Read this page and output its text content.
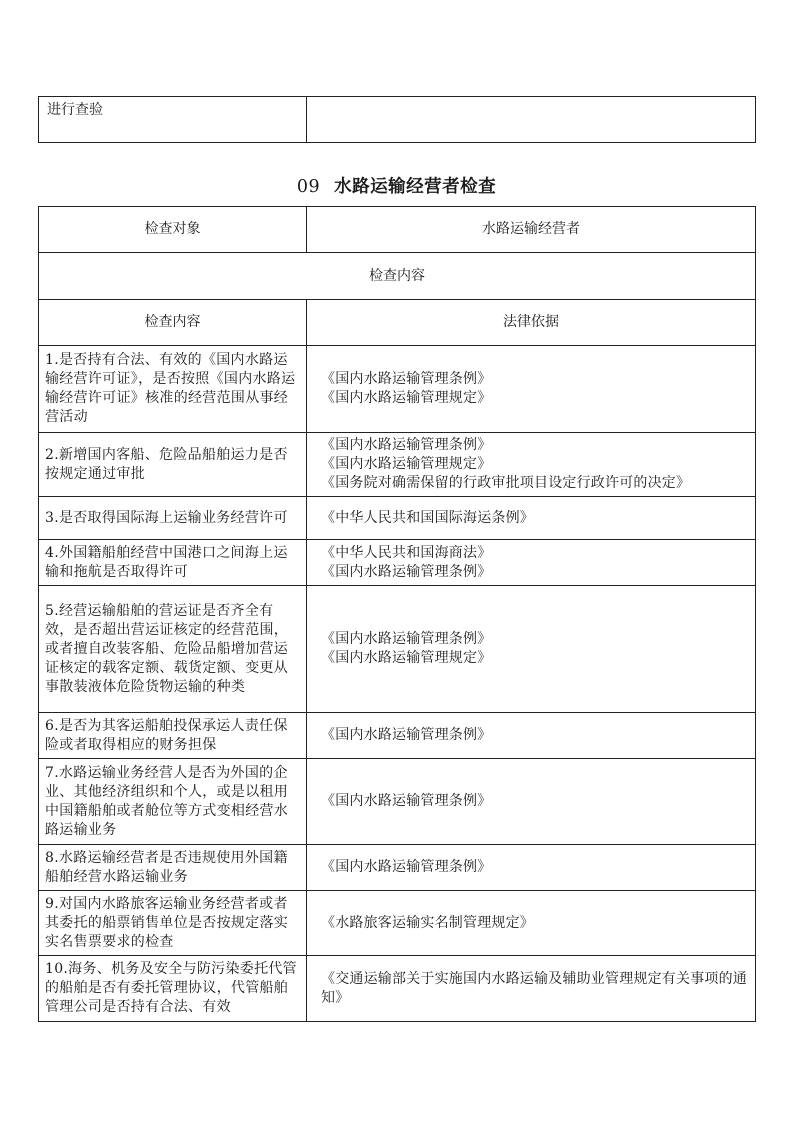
进行查验	
09 水路运输经营者检查
检查对象	水路运输经营者
检查内容	
检查内容	法律依据
1.是否持有合法、有效的《国内水路运输经营许可证》，是否按照《国内水路运输经营许可证》核准的经营范围从事经营活动	《国内水路运输管理条例》
《国内水路运输管理规定》

2.新增国内客船、危险品船舶运力是否按规定通过审批	《国内水路运输管理条例》
《国内水路运输管理规定》
《国务院对确需保留的行政审批项目设定行政许可的决定》

3.是否取得国际海上运输业务经营许可	《中华人民共和国国际海运条例》

4.外国籍船舶经营中国港口之间海上运输和拖航是否取得许可	《中华人民共和国海商法》
《国内水路运输管理条例》

5.经营运输船舶的营运证是否齐全有效，是否超出营运证核定的经营范围，或者擅自改装客船、危险品船增加营运证核定的载客定额、载货定额、变更从事散装液体危险货物运输的种类	《国内水路运输管理条例》
《国内水路运输管理规定》

6.是否为其客运船舶投保承运人责任保险或者取得相应的财务担保	《国内水路运输管理条例》

7.水路运输业务经营人是否为外国的企业、其他经济组织和个人，或是以租用中国籍船舶或者舱位等方式变相经营水路运输业务	《国内水路运输管理条例》

8.水路运输经营者是否违规使用外国籍船舶经营水路运输业务	《国内水路运输管理条例》

9.对国内水路旅客运输业务经营者或者其委托的船票销售单位是否按规定落实实名售票要求的检查	《水路旅客运输实名制管理规定》

10.海务、机务及安全与防污染委托代管的船舶是否有委托管理协议，代管船舶管理公司是否持有合法、有效	《交通运输部关于实施国内水路运输及辅助业管理规定有关事项的通知》
